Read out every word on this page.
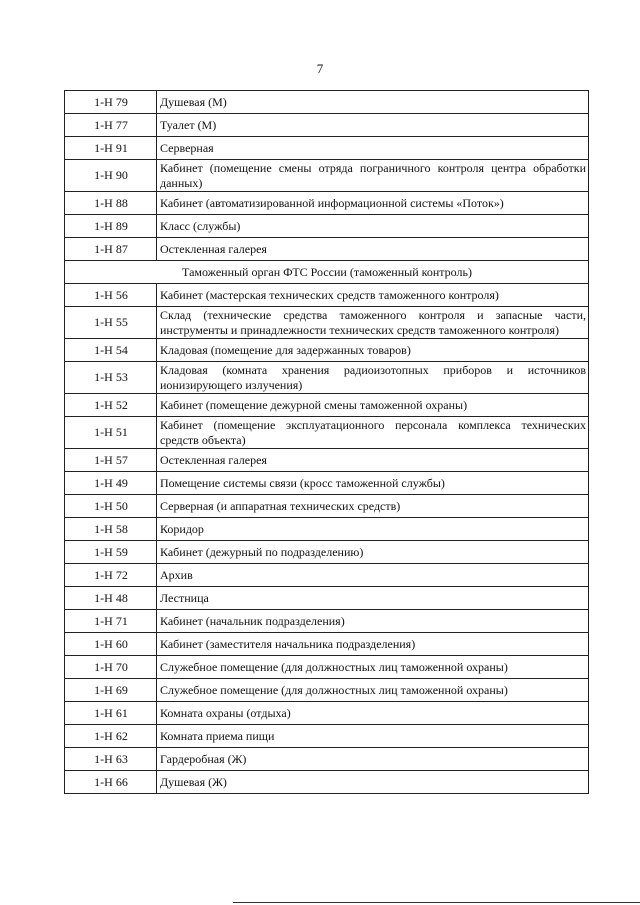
7
1-Н 79	Душевая (М)
1-Н 77	Туалет (М)
1-Н 91	Серверная
1-Н 90	Кабинет (помещение смены отряда пограничного контроля центра обработки данных)
1-Н 88	Кабинет (автоматизированной информационной системы «Поток»)
1-Н 89	Класс (службы)
1-Н 87	Остекленная галерея
Таможенный орган ФТС России (таможенный контроль)	
1-Н 56	Кабинет (мастерская технических средств таможенного контроля)
1-Н 55	Склад (технические средства таможенного контроля и запасные части, инструменты и принадлежности технических средств таможенного контроля)
1-Н 54	Кладовая (помещение для задержанных товаров)
1-Н 53	Кладовая (комната хранения радиоизотопных приборов и источников ионизирующего излучения)
1-Н 52	Кабинет (помещение дежурной смены таможенной охраны)
1-Н 51	Кабинет (помещение эксплуатационного персонала комплекса технических средств объекта)
1-Н 57	Остекленная галерея
1-Н 49	Помещение системы связи (кросс таможенной службы)
1-Н 50	Серверная (и аппаратная технических средств)
1-Н 58	Коридор
1-Н 59	Кабинет (дежурный по подразделению)
1-Н 72	Архив
1-Н 48	Лестница
1-Н 71	Кабинет (начальник подразделения)
1-Н 60	Кабинет (заместителя начальника подразделения)
1-Н 70	Служебное помещение (для должностных лиц таможенной охраны)
1-Н 69	Служебное помещение (для должностных лиц таможенной охраны)
1-Н 61	Комната охраны (отдыха)
1-Н 62	Комната приема пищи
1-Н 63	Гардеробная (Ж)
1-Н 66	Душевая (Ж)
